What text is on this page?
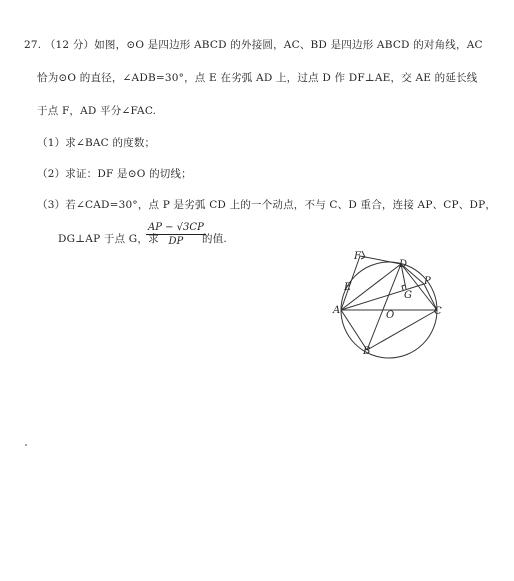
27. （12 分）如图，⊙O 是四边形 ABCD 的外接圆，AC、BD 是四边形 ABCD 的对角线，AC
恰为⊙O 的直径，∠ADB=30°，点 E 在劣弧 AD 上，过点 D 作 DF⊥AE，交 AE 的延长线
于点 F，AD 平分∠FAC.
（1）求∠BAC 的度数；
（2）求证：DF 是⊙O 的切线；
（3）若∠CAD=30°，点 P 是劣弧 CD 上的一个动点，不与 C、D 重合，连接 AP、CP、DP，
DG⊥AP 于点 G，求
$\frac{AP - √3CP}{DP}$
的值.
F
D
P
E
G
A	O	C
B
